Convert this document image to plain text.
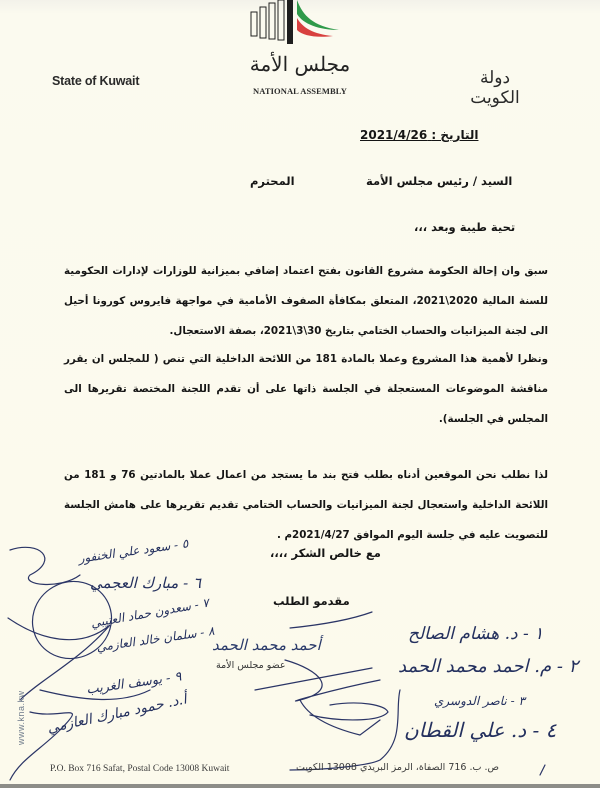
State of Kuwait
مجلس الأمة
NATIONAL ASSEMBLY
دولة الكويت
التاريخ : 2021/4/26
السيد / رئيس مجلس الأمة
المحترم
تحية طيبة وبعد ،،،
سبق وان إحالة الحكومة مشروع القانون بفتح اعتماد إضافي بميزانية للوزارات لإدارات الحكومية للسنة المالية 2020\2021، المتعلق بمكافأة الصفوف الأمامية في مواجهة فايروس كورونا أحيل الى لجنة الميزانيات والحساب الختامي بتاريخ 30\3\2021، بصفة الاستعجال.
ونظرا لأهمية هذا المشروع وعملا بالمادة 181 من اللائحة الداخلية التي تنص ( للمجلس ان يقرر مناقشة الموضوعات المستعجلة في الجلسة ذاتها على أن تقدم اللجنة المختصة تقريرها الى المجلس في الجلسة).
لذا نطلب نحن الموقعين أدناه بطلب فتح بند ما يستجد من اعمال عملا بالمادتين 76 و 181 من اللائحة الداخلية واستعجال لجنة الميزانيات والحساب الختامي تقديم تقريرها على هامش الجلسة للتصويت عليه في جلسة اليوم الموافق 2021/4/27م .
مع خالص الشكر ،،،،
مقدمو الطلب
١ - د. هشام الصالح
٢ - م. احمد محمد الحمد
٣ - ناصر الدوسري
٤ - د. علي القطان
٥ - سعود علي الخنفور
٦ - مبارك العجمي
٧ - سعدون حماد العتيبي
٨ - سلمان خالد العازمي
٩ - يوسف الغريب
أ.د. حمود مبارك العازمي
أحمد محمد الحمد
عضو مجلس الأمة
www.kna.kw
P.O. Box 716 Safat, Postal Code 13008 Kuwait	ص. ب. 716 الصفاة، الرمز البريدي 13008 الكويت
